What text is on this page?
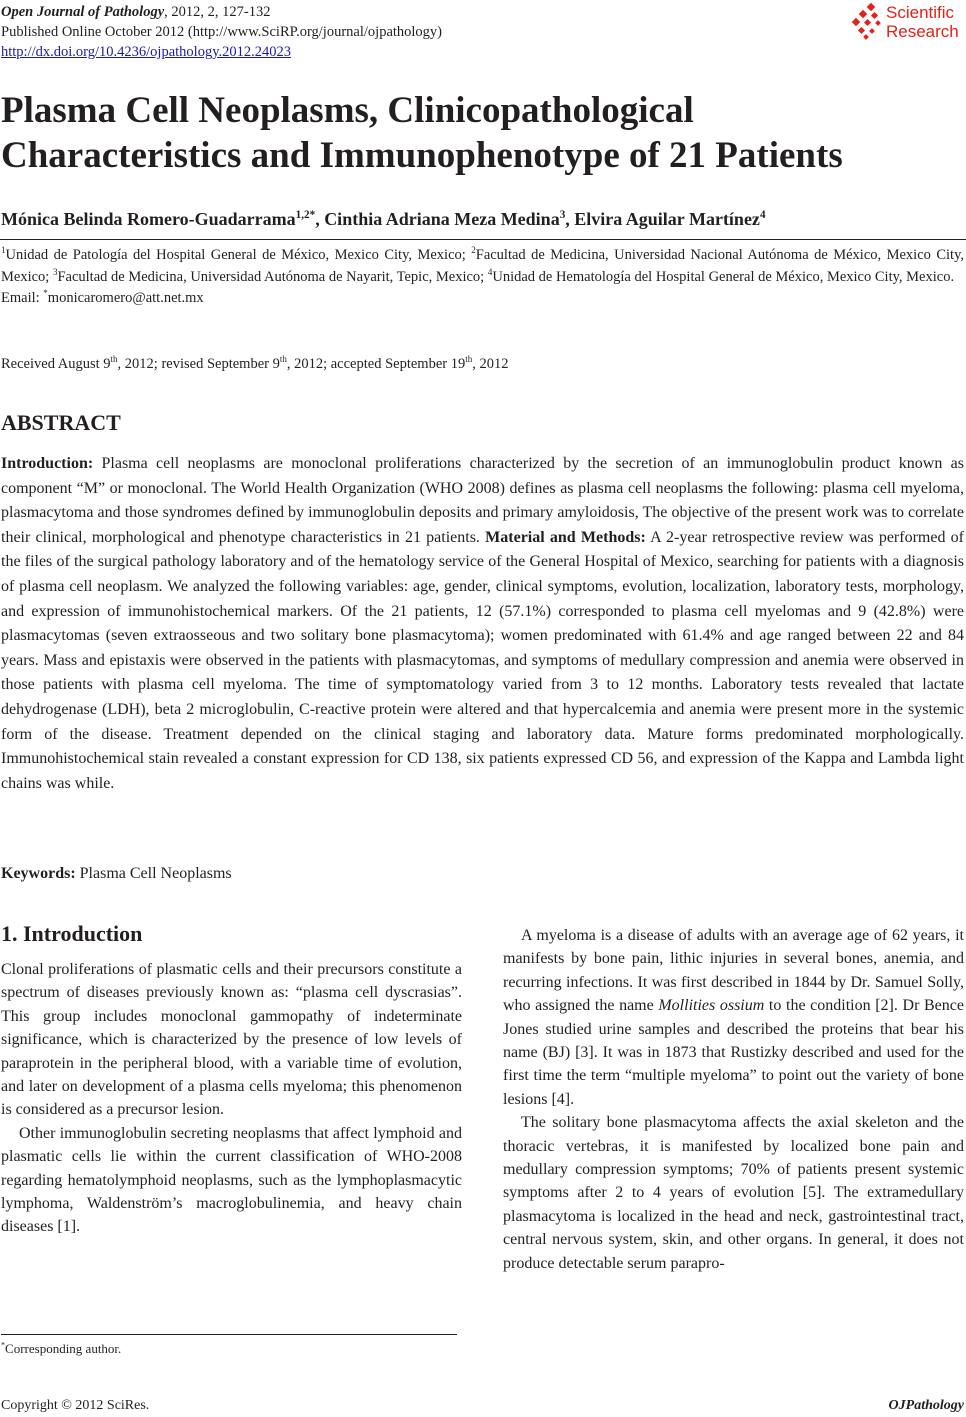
Open Journal of Pathology, 2012, 2, 127-132
Published Online October 2012 (http://www.SciRP.org/journal/ojpathology)
http://dx.doi.org/10.4236/ojpathology.2012.24023
Scientific
Research
Plasma Cell Neoplasms, Clinicopathological
Characteristics and Immunophenotype of 21 Patients
Mónica Belinda Romero-Guadarrama$^{1,2*}$, Cinthia Adriana Meza Medina$^3$, Elvira Aguilar Martínez$^4$

$^1$Unidad de Patología del Hospital General de México, Mexico City, Mexico; $^2$Facultad de Medicina, Universidad Nacional Autónoma de México, Mexico City, Mexico; $^3$Facultad de Medicina, Universidad Autónoma de Nayarit, Tepic, Mexico; $^4$Unidad de Hematología del Hospital General de México, Mexico City, Mexico.

Email: *monicaromero@att.net.mx

Received August 9th, 2012; revised September 9th, 2012; accepted September 19th, 2012
ABSTRACT

Introduction: Plasma cell neoplasms are monoclonal proliferations characterized by the secretion of an immunoglobulin product known as component “M” or monoclonal. The World Health Organization (WHO 2008) defines as plasma cell neoplasms the following: plasma cell myeloma, plasmacytoma and those syndromes defined by immunoglobulin deposits and primary amyloidosis, The objective of the present work was to correlate their clinical, morphological and phenotype characteristics in 21 patients. Material and Methods: A 2-year retrospective review was performed of the files of the surgical pathology laboratory and of the hematology service of the General Hospital of Mexico, searching for patients with a diagnosis of plasma cell neoplasm. We analyzed the following variables: age, gender, clinical symptoms, evolution, localization, laboratory tests, morphology, and expression of immunohistochemical markers. Of the 21 patients, 12 (57.1%) corresponded to plasma cell myelomas and 9 (42.8%) were plasmacytomas (seven extraosseous and two solitary bone plasmacytoma); women predominated with 61.4% and age ranged between 22 and 84 years. Mass and epistaxis were observed in the patients with plasmacytomas, and symptoms of medullary compression and anemia were observed in those patients with plasma cell myeloma. The time of symptomatology varied from 3 to 12 months. Laboratory tests revealed that lactate dehydrogenase (LDH), beta 2 microglobulin, C-reactive protein were altered and that hypercalcemia and anemia were present more in the systemic form of the disease. Treatment depended on the clinical staging and laboratory data. Mature forms predominated morphologically. Immunohistochemical stain revealed a constant expression for CD 138, six patients expressed CD 56, and expression of the Kappa and Lambda light chains was while.

Keywords: Plasma Cell Neoplasms
1. Introduction

Clonal proliferations of plasmatic cells and their precursors constitute a spectrum of diseases previously known as: “plasma cell dyscrasias”. This group includes monoclonal gammopathy of indeterminate significance, which is characterized by the presence of low levels of paraprotein in the peripheral blood, with a variable time of evolution, and later on development of a plasma cells myeloma; this phenomenon is considered as a precursor lesion.

Other immunoglobulin secreting neoplasms that affect lymphoid and plasmatic cells lie within the current classification of WHO-2008 regarding hematolymphoid neoplasms, such as the lymphoplasmacytic lymphoma, Waldenström’s macroglobulinemia, and heavy chain diseases [1].

A myeloma is a disease of adults with an average age of 62 years, it manifests by bone pain, lithic injuries in several bones, anemia, and recurring infections. It was first described in 1844 by Dr. Samuel Solly, who assigned the name Mollities ossium to the condition [2]. Dr Bence Jones studied urine samples and described the proteins that bear his name (BJ) [3]. It was in 1873 that Rustizky described and used for the first time the term “multiple myeloma” to point out the variety of bone lesions [4].

The solitary bone plasmacytoma affects the axial skeleton and the thoracic vertebras, it is manifested by localized bone pain and medullary compression symptoms; 70% of patients present systemic symptoms after 2 to 4 years of evolution [5]. The extramedullary plasmacytoma is localized in the head and neck, gastrointestinal tract, central nervous system, skin, and other organs. In general, it does not produce detectable serum parapro-

*Corresponding author.
Copyright © 2012 SciRes.	OJPathology
